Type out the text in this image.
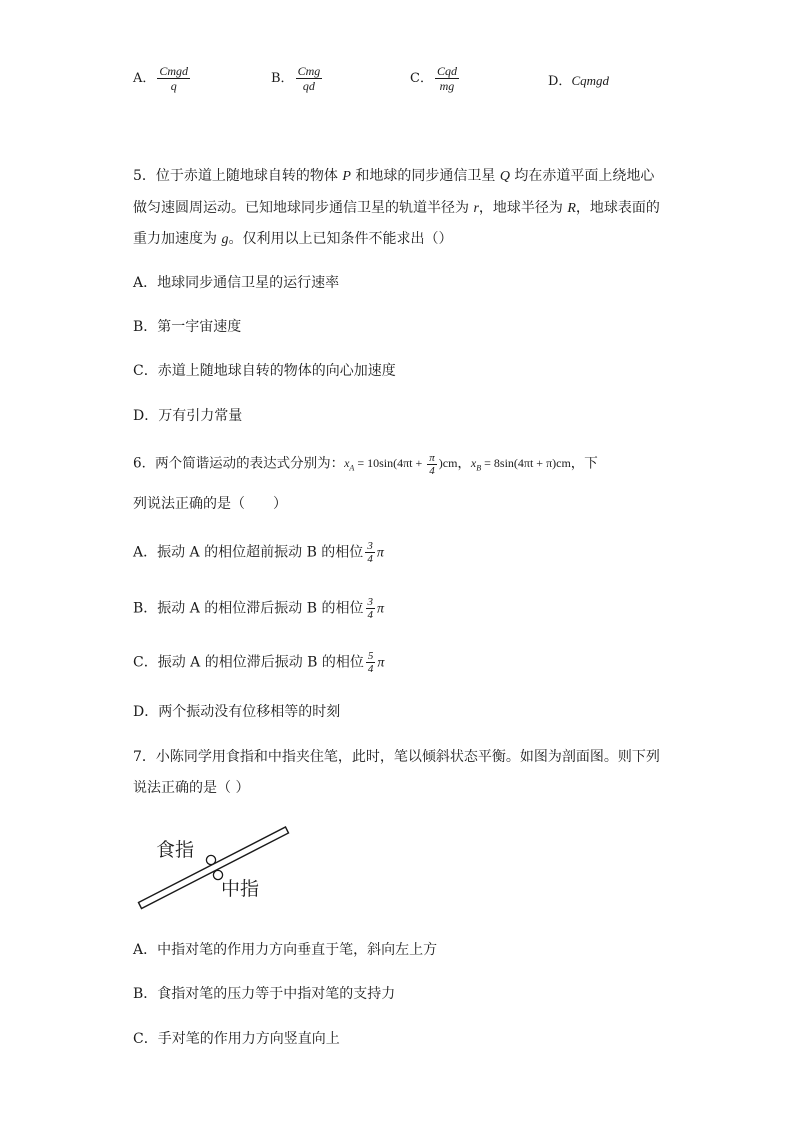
A． $\frac{\text{Cmgd}}{q}$	B． $\frac{\text{Cmg}}{qd}$	C． $\frac{\text{Cqd}}{mg}$	D．Cqmgd
5．位于赤道上随地球自转的物体 P 和地球的同步通信卫星 Q 均在赤道平面上绕地心
做匀速圆周运动。已知地球同步通信卫星的轨道半径为 r，地球半径为 R，地球表面的
重力加速度为 g。仅利用以上已知条件不能求出（）
A．地球同步通信卫星的运行速率
B．第一宇宙速度
C．赤道上随地球自转的物体的向心加速度
D．万有引力常量
6．两个简谐运动的表达式分别为：$x_A = 10\sin(4\pi t + \frac{\pi}{4} )cm$，$x_B = 8\sin(4\pi t + \pi)cm$，下
列说法正确的是（　　）
A．振动 A 的相位超前振动 B 的相位 $\frac{3}{4}$ π
B．振动 A 的相位滞后振动 B 的相位 $\frac{3}{4}$ π
C．振动 A 的相位滞后振动 B 的相位 $\frac{5}{4}$ π
D．两个振动没有位移相等的时刻
7．小陈同学用食指和中指夹住笔，此时，笔以倾斜状态平衡。如图为剖面图。则下列
说法正确的是（ ）
食指
中指
A．中指对笔的作用力方向垂直于笔，斜向左上方
B．食指对笔的压力等于中指对笔的支持力
C．手对笔的作用力方向竖直向上
